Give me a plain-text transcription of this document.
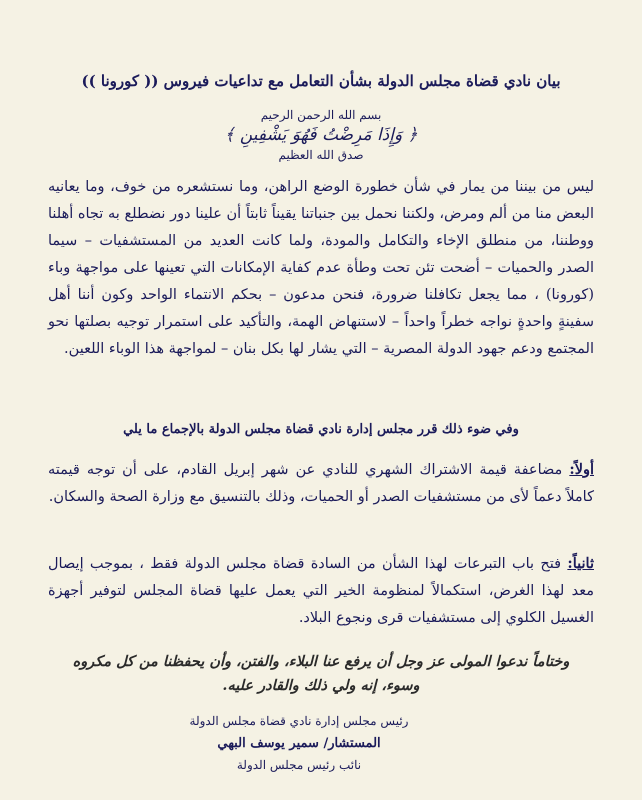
بيان نادي قضاة مجلس الدولة بشأن التعامل مع تداعيات فيروس (( كورونا ))
بسم الله الرحمن الرحيم
﴿ وَإِذَا مَرِضْتُ فَهُوَ يَشْفِينِ ﴾
صدق الله العظيم

ليس من بيننا من يمار في شأن خطورة الوضع الراهن، وما نستشعره من خوف، وما يعانيه البعض منا من ألم ومرض، ولكننا نحمل بين جنباتنا يقيناً ثابتاً أن علينا دور نضطلع به تجاه أهلنا ووطننا، من منطلق الإخاء والتكامل والمودة، ولما كانت العديد من المستشفيات – سيما الصدر والحميات – أضحت تئن تحت وطأة عدم كفاية الإمكانات التي تعينها على مواجهة وباء (كورونا) ، مما يجعل تكافلنا ضرورة، فنحن مدعون – بحكم الانتماء الواحد وكون أننا أهل سفينةٍ واحدةٍ نواجه خطراً واحداً – لاستنهاض الهمة، والتأكيد على استمرار توجيه بصلتها نحو المجتمع ودعم جهود الدولة المصرية – التي يشار لها بكل بنان – لمواجهة هذا الوباء اللعين.

وفي ضوء ذلك قرر مجلس إدارة نادي قضاة مجلس الدولة بالإجماع ما يلي

أولاً: مضاعفة قيمة الاشتراك الشهري للنادي عن شهر إبريل القادم، على أن توجه قيمته كاملاً دعماً لأى من مستشفيات الصدر أو الحميات، وذلك بالتنسيق مع وزارة الصحة والسكان.

ثانياً: فتح باب التبرعات لهذا الشأن من السادة قضاة مجلس الدولة فقط ، بموجب إيصال معد لهذا الغرض، استكمالاً لمنظومة الخير التي يعمل عليها قضاة المجلس لتوفير أجهزة الغسيل الكلوي إلى مستشفيات قرى ونجوع البلاد.

وختاماً ندعوا المولى عز وجل أن يرفع عنا البلاء، والفتن، وأن يحفظنا من كل مكروه وسوء، إنه ولي ذلك والقادر عليه.
رئيس مجلس إدارة نادي قضاة مجلس الدولة
المستشار/ سمير يوسف البهي
نائب رئيس مجلس الدولة
